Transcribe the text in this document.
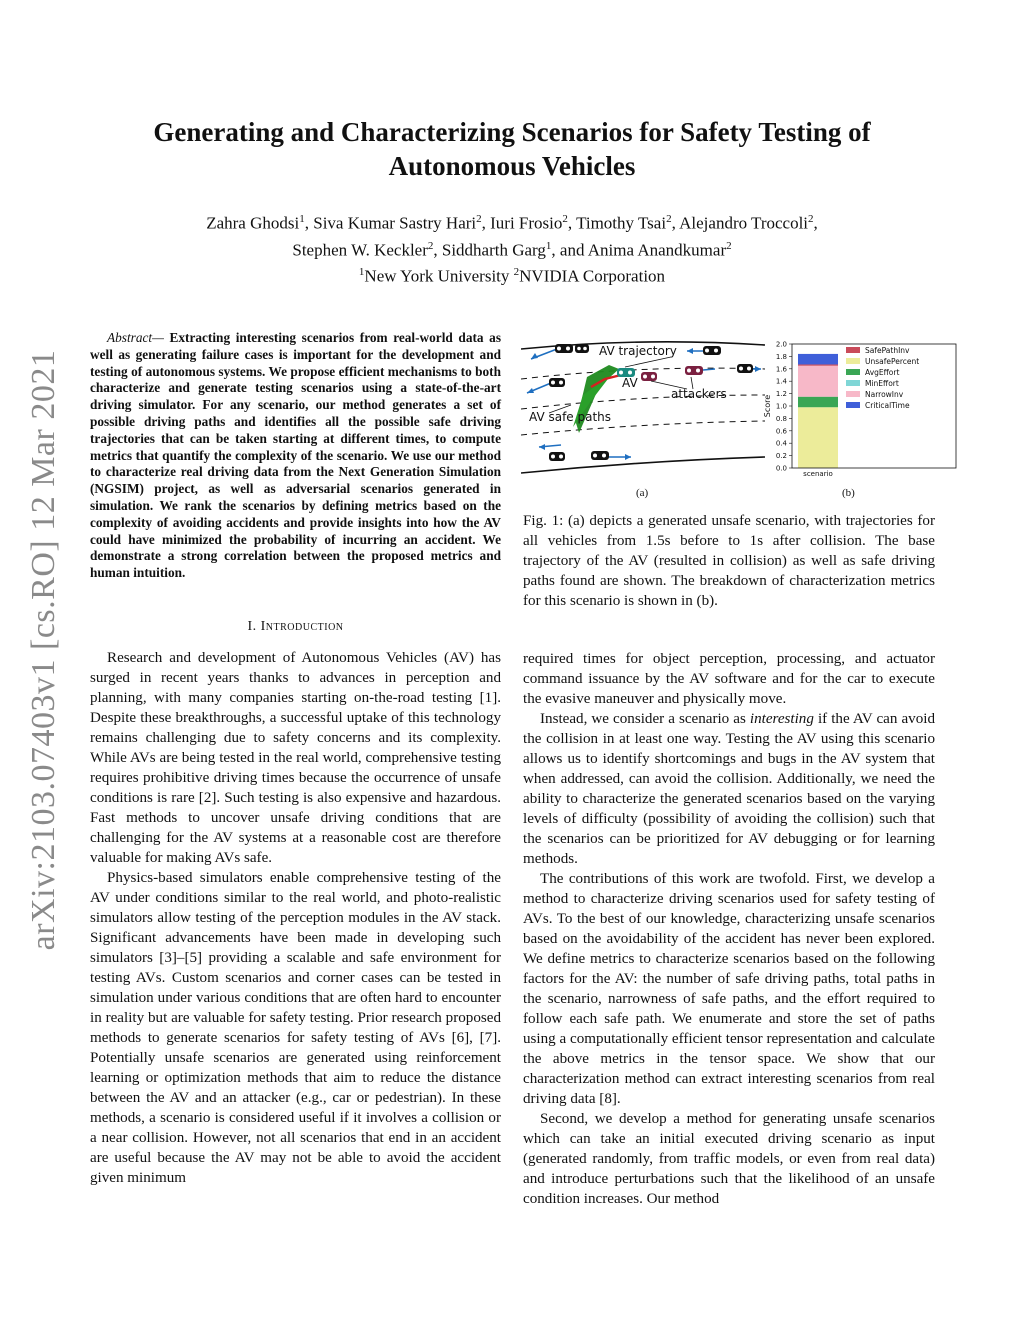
arXiv:2103.07403v1 [cs.RO] 12 Mar 2021
Generating and Characterizing Scenarios for Safety Testing of Autonomous Vehicles
Zahra Ghodsi$^1$, Siva Kumar Sastry Hari$^2$, Iuri Frosio$^2$, Timothy Tsai$^2$, Alejandro Troccoli$^2$,
Stephen W. Keckler$^2$, Siddharth Garg$^1$, and Anima Anandkumar$^2$
$^1$New York University $^2$NVIDIA Corporation
Abstract— Extracting interesting scenarios from real-world data as well as generating failure cases is important for the development and testing of autonomous systems. We propose efficient mechanisms to both characterize and generate testing scenarios using a state-of-the-art driving simulator. For any scenario, our method generates a set of possible driving paths and identifies all the possible safe driving trajectories that can be taken starting at different times, to compute metrics that quantify the complexity of the scenario. We use our method to characterize real driving data from the Next Generation Simulation (NGSIM) project, as well as adversarial scenarios generated in simulation. We rank the scenarios by defining metrics based on the complexity of avoiding accidents and provide insights into how the AV could have minimized the probability of incurring an accident. We demonstrate a strong correlation between the proposed metrics and human intuition.
I. Introduction

Research and development of Autonomous Vehicles (AV) has surged in recent years thanks to advances in perception and planning, with many companies starting on-the-road testing [1]. Despite these breakthroughs, a successful uptake of this technology remains challenging due to safety concerns and its complexity. While AVs are being tested in the real world, comprehensive testing requires prohibitive driving times because the occurrence of unsafe conditions is rare [2]. Such testing is also expensive and hazardous. Fast methods to uncover unsafe driving conditions that are challenging for the AV systems at a reasonable cost are therefore valuable for making AVs safe.

Physics-based simulators enable comprehensive testing of the AV under conditions similar to the real world, and photo-realistic simulators allow testing of the perception modules in the AV stack. Significant advancements have been made in developing such simulators [3]–[5] providing a scalable and safe environment for testing AVs. Custom scenarios and corner cases can be tested in simulation under various conditions that are often hard to encounter in reality but are valuable for safety testing. Prior research proposed methods to generate scenarios for safety testing of AVs [6], [7]. Potentially unsafe scenarios are generated using reinforcement learning or optimization methods that aim to reduce the distance between the AV and an attacker (e.g., car or pedestrian). In these methods, a scenario is considered useful if it involves a collision or a near collision. However, not all scenarios that end in an accident are useful because the AV may not be able to avoid the accident given minimum

AV trajectory
AV
attackers
AV safe paths
0.0
0.2
0.4
0.6
0.8
1.0
1.2
1.4
1.6
1.8
2.0
scenario
Score
SafePathInv
UnsafePercent
AvgEffort
MinEffort
NarrowInv
CriticalTime
(a)	(b)
Fig. 1: (a) depicts a generated unsafe scenario, with trajectories for all vehicles from 1.5s before to 1s after collision. The base trajectory of the AV (resulted in collision) as well as safe driving paths found are shown. The breakdown of characterization metrics for this scenario is shown in (b).

required times for object perception, processing, and actuator command issuance by the AV software and for the car to execute the evasive maneuver and physically move.

Instead, we consider a scenario as interesting if the AV can avoid the collision in at least one way. Testing the AV using this scenario allows us to identify shortcomings and bugs in the AV system that when addressed, can avoid the collision. Additionally, we need the ability to characterize the generated scenarios based on the varying levels of difficulty (possibility of avoiding the collision) such that the scenarios can be prioritized for AV debugging or for learning methods.

The contributions of this work are twofold. First, we develop a method to characterize driving scenarios used for safety testing of AVs. To the best of our knowledge, characterizing unsafe scenarios based on the avoidability of the accident has never been explored. We define metrics to characterize scenarios based on the following factors for the AV: the number of safe driving paths, total paths in the scenario, narrowness of safe paths, and the effort required to follow each safe path. We enumerate and store the set of paths using a computationally efficient tensor representation and calculate the above metrics in the tensor space. We show that our characterization method can extract interesting scenarios from real driving data [8].

Second, we develop a method for generating unsafe scenarios which can take an initial executed driving scenario as input (generated randomly, from traffic models, or even from real data) and introduce perturbations such that the likelihood of an unsafe condition increases. Our method
